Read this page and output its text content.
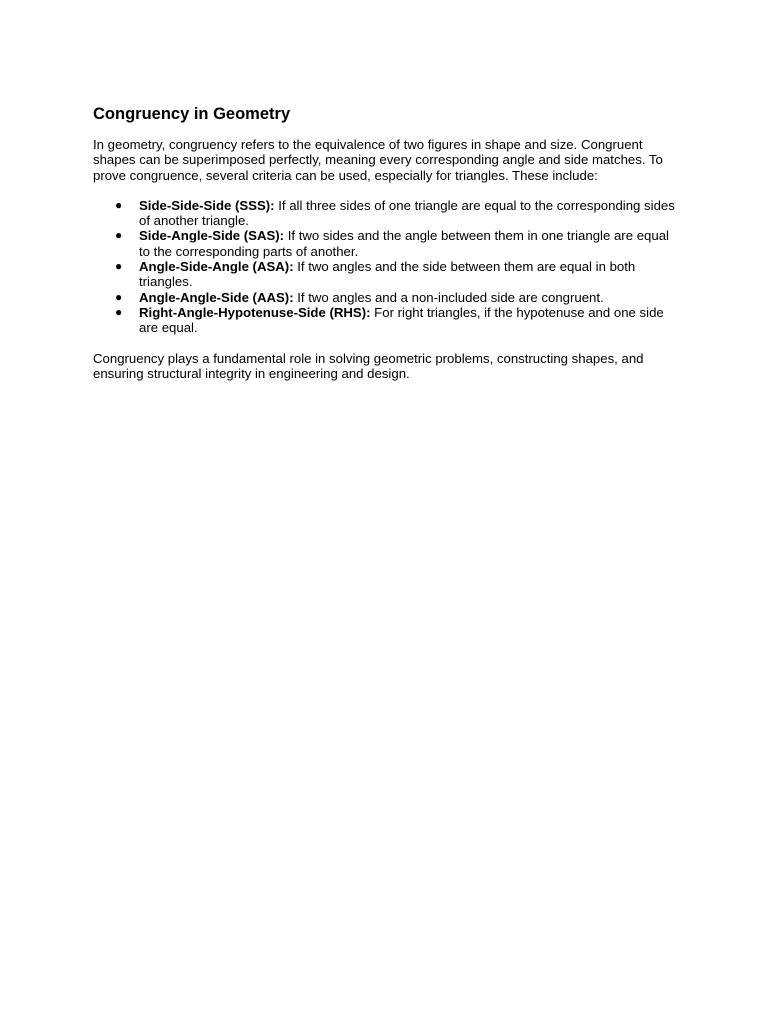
Congruency in Geometry

In geometry, congruency refers to the equivalence of two figures in shape and size. Congruent shapes can be superimposed perfectly, meaning every corresponding angle and side matches. To prove congruence, several criteria can be used, especially for triangles. These include:

● Side-Side-Side (SSS): If all three sides of one triangle are equal to the corresponding sides of another triangle.
● Side-Angle-Side (SAS): If two sides and the angle between them in one triangle are equal to the corresponding parts of another.
● Angle-Side-Angle (ASA): If two angles and the side between them are equal in both triangles.
● Angle-Angle-Side (AAS): If two angles and a non-included side are congruent.
● Right-Angle-Hypotenuse-Side (RHS): For right triangles, if the hypotenuse and one side are equal.

Congruency plays a fundamental role in solving geometric problems, constructing shapes, and ensuring structural integrity in engineering and design.
